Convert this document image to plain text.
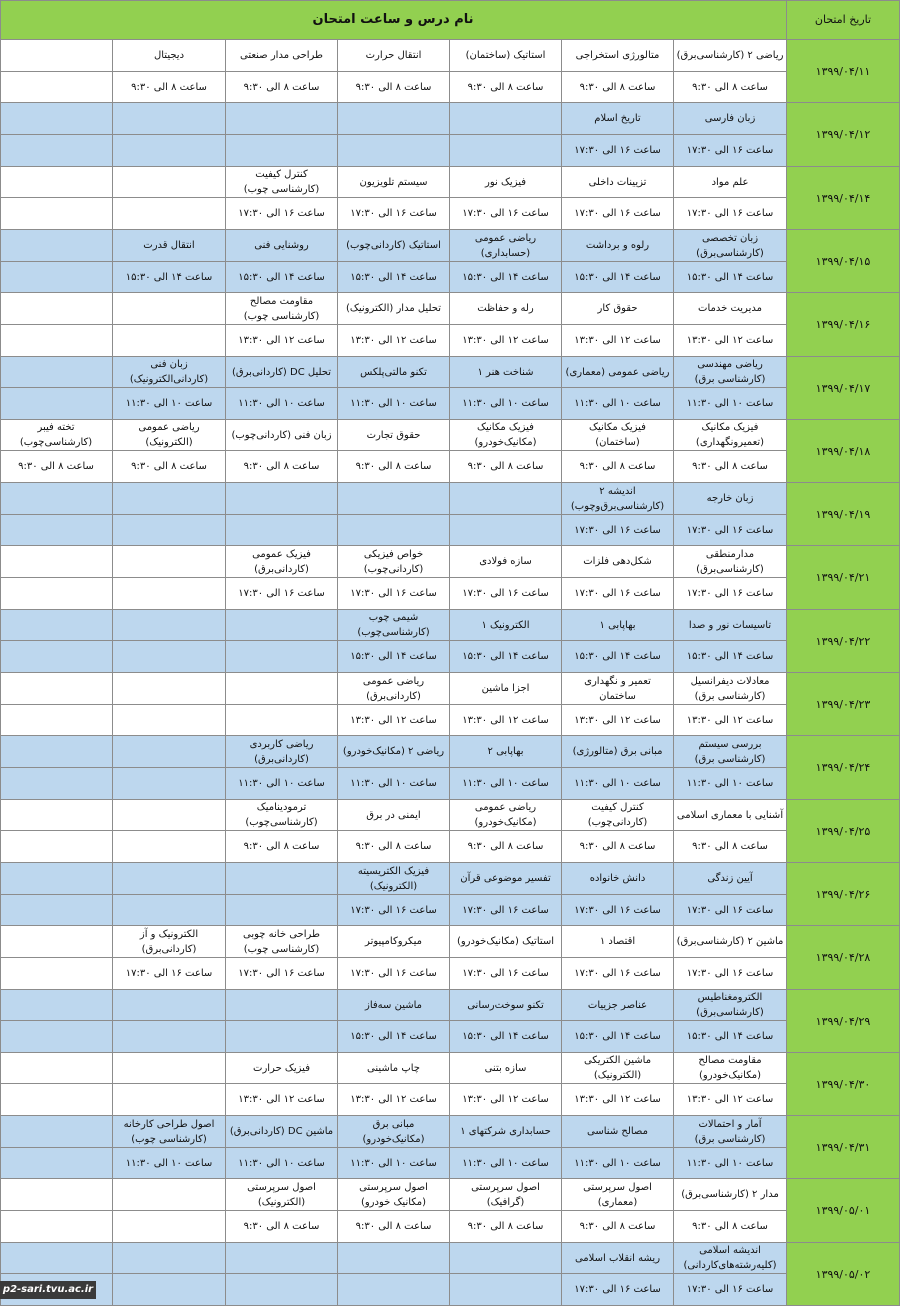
نام درس و ساعت امتحان	تاریخ امتحان
۱۳۹۹/۰۴/۱۱
ریاضی ۲ (کارشناسی‌برق)
ساعت ۸ الی ۹:۳۰
متالورژی استخراجی
ساعت ۸ الی ۹:۳۰
استاتیک (ساختمان)
ساعت ۸ الی ۹:۳۰
انتقال حرارت
ساعت ۸ الی ۹:۳۰
طراحی مدار صنعتی
ساعت ۸ الی ۹:۳۰
دیجیتال
ساعت ۸ الی ۹:۳۰
۱۳۹۹/۰۴/۱۲
زبان فارسی
ساعت ۱۶ الی ۱۷:۳۰
تاریخ اسلام
ساعت ۱۶ الی ۱۷:۳۰
۱۳۹۹/۰۴/۱۴
علم مواد
ساعت ۱۶ الی ۱۷:۳۰
تزیینات داخلی
ساعت ۱۶ الی ۱۷:۳۰
فیزیک نور
ساعت ۱۶ الی ۱۷:۳۰
سیستم تلویزیون
ساعت ۱۶ الی ۱۷:۳۰
کنترل کیفیت
(کارشناسی چوب)
ساعت ۱۶ الی ۱۷:۳۰
۱۳۹۹/۰۴/۱۵
زبان تخصصی
(کارشناسی‌برق)
ساعت ۱۴ الی ۱۵:۳۰
رلوه و برداشت
ساعت ۱۴ الی ۱۵:۳۰
ریاضی عمومی
(حسابداری)
ساعت ۱۴ الی ۱۵:۳۰
استاتیک (کاردانی‌چوب)
ساعت ۱۴ الی ۱۵:۳۰
روشنایی فنی
ساعت ۱۴ الی ۱۵:۳۰
انتقال قدرت
ساعت ۱۴ الی ۱۵:۳۰
۱۳۹۹/۰۴/۱۶
مدیریت خدمات
ساعت ۱۲ الی ۱۳:۳۰
حقوق کار
ساعت ۱۲ الی ۱۳:۳۰
رله و حفاظت
ساعت ۱۲ الی ۱۳:۳۰
تحلیل مدار (الکترونیک)
ساعت ۱۲ الی ۱۳:۳۰
مقاومت مصالح
(کارشناسی چوب)
ساعت ۱۲ الی ۱۳:۳۰
۱۳۹۹/۰۴/۱۷
ریاضی مهندسی
(کارشناسی برق)
ساعت ۱۰ الی ۱۱:۳۰
ریاضی عمومی (معماری)
ساعت ۱۰ الی ۱۱:۳۰
شناخت هنر ۱
ساعت ۱۰ الی ۱۱:۳۰
تکنو مالتی‌پلکس
ساعت ۱۰ الی ۱۱:۳۰
تحلیل DC (کاردانی‌برق)
ساعت ۱۰ الی ۱۱:۳۰
زبان فنی
(کاردانی‌الکترونیک)
ساعت ۱۰ الی ۱۱:۳۰
۱۳۹۹/۰۴/۱۸
فیزیک مکانیک
(تعمیرونگهداری)
ساعت ۸ الی ۹:۳۰
فیزیک مکانیک
(ساختمان)
ساعت ۸ الی ۹:۳۰
فیزیک مکانیک
(مکانیک‌خودرو)
ساعت ۸ الی ۹:۳۰
حقوق تجارت
ساعت ۸ الی ۹:۳۰
زبان فنی (کاردانی‌چوب)
ساعت ۸ الی ۹:۳۰
ریاضی عمومی
(الکترونیک)
ساعت ۸ الی ۹:۳۰
تخته فیبر
(کارشناسی‌چوب)
ساعت ۸ الی ۹:۳۰
۱۳۹۹/۰۴/۱۹
زبان خارجه
ساعت ۱۶ الی ۱۷:۳۰
اندیشه ۲
(کارشناسی‌برق‌وچوب)
ساعت ۱۶ الی ۱۷:۳۰
۱۳۹۹/۰۴/۲۱
مدارمنطقی
(کارشناسی‌برق)
ساعت ۱۶ الی ۱۷:۳۰
شکل‌دهی فلزات
ساعت ۱۶ الی ۱۷:۳۰
سازه فولادی
ساعت ۱۶ الی ۱۷:۳۰
خواص فیزیکی
(کاردانی‌چوب)
ساعت ۱۶ الی ۱۷:۳۰
فیزیک عمومی
(کاردانی‌برق)
ساعت ۱۶ الی ۱۷:۳۰
۱۳۹۹/۰۴/۲۲
تاسیسات نور و صدا
ساعت ۱۴ الی ۱۵:۳۰
بهاپابی ۱
ساعت ۱۴ الی ۱۵:۳۰
الکترونیک ۱
ساعت ۱۴ الی ۱۵:۳۰
شیمی چوب
(کارشناسی‌چوب)
ساعت ۱۴ الی ۱۵:۳۰
۱۳۹۹/۰۴/۲۳
معادلات دیفرانسیل
(کارشناسی برق)
ساعت ۱۲ الی ۱۳:۳۰
تعمیر و نگهداری
ساختمان
ساعت ۱۲ الی ۱۳:۳۰
اجزا ماشین
ساعت ۱۲ الی ۱۳:۳۰
ریاضی عمومی
(کاردانی‌برق)
ساعت ۱۲ الی ۱۳:۳۰
۱۳۹۹/۰۴/۲۴
بررسی سیستم
(کارشناسی برق)
ساعت ۱۰ الی ۱۱:۳۰
مبانی برق (متالورژی)
ساعت ۱۰ الی ۱۱:۳۰
بهاپابی ۲
ساعت ۱۰ الی ۱۱:۳۰
ریاضی ۲ (مکانیک‌خودرو)
ساعت ۱۰ الی ۱۱:۳۰
ریاضی کاربردی
(کاردانی‌برق)
ساعت ۱۰ الی ۱۱:۳۰
۱۳۹۹/۰۴/۲۵
آشنایی با معماری اسلامی
ساعت ۸ الی ۹:۳۰
کنترل کیفیت
(کاردانی‌چوب)
ساعت ۸ الی ۹:۳۰
ریاضی عمومی
(مکانیک‌خودرو)
ساعت ۸ الی ۹:۳۰
ایمنی در برق
ساعت ۸ الی ۹:۳۰
ترمودینامیک
(کارشناسی‌چوب)
ساعت ۸ الی ۹:۳۰
۱۳۹۹/۰۴/۲۶
آیین زندگی
ساعت ۱۶ الی ۱۷:۳۰
دانش خانواده
ساعت ۱۶ الی ۱۷:۳۰
تفسیر موضوعی قرآن
ساعت ۱۶ الی ۱۷:۳۰
فیزیک الکتریسیته
(الکترونیک)
ساعت ۱۶ الی ۱۷:۳۰
۱۳۹۹/۰۴/۲۸
ماشین ۲ (کارشناسی‌برق)
ساعت ۱۶ الی ۱۷:۳۰
اقتصاد ۱
ساعت ۱۶ الی ۱۷:۳۰
استاتیک (مکانیک‌خودرو)
ساعت ۱۶ الی ۱۷:۳۰
میکروکامپیوتر
ساعت ۱۶ الی ۱۷:۳۰
طراحی خانه چوبی
(کارشناسی چوب)
ساعت ۱۶ الی ۱۷:۳۰
الکترونیک و آز
(کاردانی‌برق)
ساعت ۱۶ الی ۱۷:۳۰
۱۳۹۹/۰۴/۲۹
الکترومغناطیس
(کارشناسی‌برق)
ساعت ۱۴ الی ۱۵:۳۰
عناصر جزییات
ساعت ۱۴ الی ۱۵:۳۰
تکنو سوخت‌رسانی
ساعت ۱۴ الی ۱۵:۳۰
ماشین سه‌فاز
ساعت ۱۴ الی ۱۵:۳۰
۱۳۹۹/۰۴/۳۰
مقاومت مصالح
(مکانیک‌خودرو)
ساعت ۱۲ الی ۱۳:۳۰
ماشین الکتریکی
(الکترونیک)
ساعت ۱۲ الی ۱۳:۳۰
سازه بتنی
ساعت ۱۲ الی ۱۳:۳۰
چاپ ماشینی
ساعت ۱۲ الی ۱۳:۳۰
فیزیک حرارت
ساعت ۱۲ الی ۱۳:۳۰
۱۳۹۹/۰۴/۳۱
آمار و احتمالات
(کارشناسی برق)
ساعت ۱۰ الی ۱۱:۳۰
مصالح شناسی
ساعت ۱۰ الی ۱۱:۳۰
حسابداری شرکتهای ۱
ساعت ۱۰ الی ۱۱:۳۰
مبانی برق
(مکانیک‌خودرو)
ساعت ۱۰ الی ۱۱:۳۰
ماشین DC (کاردانی‌برق)
ساعت ۱۰ الی ۱۱:۳۰
اصول طراحی کارخانه
(کارشناسی چوب)
ساعت ۱۰ الی ۱۱:۳۰
۱۳۹۹/۰۵/۰۱
مدار ۲ (کارشناسی‌برق)
ساعت ۸ الی ۹:۳۰
اصول سرپرستی (معماری)
ساعت ۸ الی ۹:۳۰
اصول سرپرستی
(گرافیک)
ساعت ۸ الی ۹:۳۰
اصول سرپرستی
(مکانیک خودرو)
ساعت ۸ الی ۹:۳۰
اصول سرپرستی
(الکترونیک)
ساعت ۸ الی ۹:۳۰
۱۳۹۹/۰۵/۰۲
اندیشه اسلامی
(کلیه‌رشته‌های‌کاردانی)
ساعت ۱۶ الی ۱۷:۳۰
ریشه انقلاب اسلامی
ساعت ۱۶ الی ۱۷:۳۰
p2-sari.tvu.ac.ir
